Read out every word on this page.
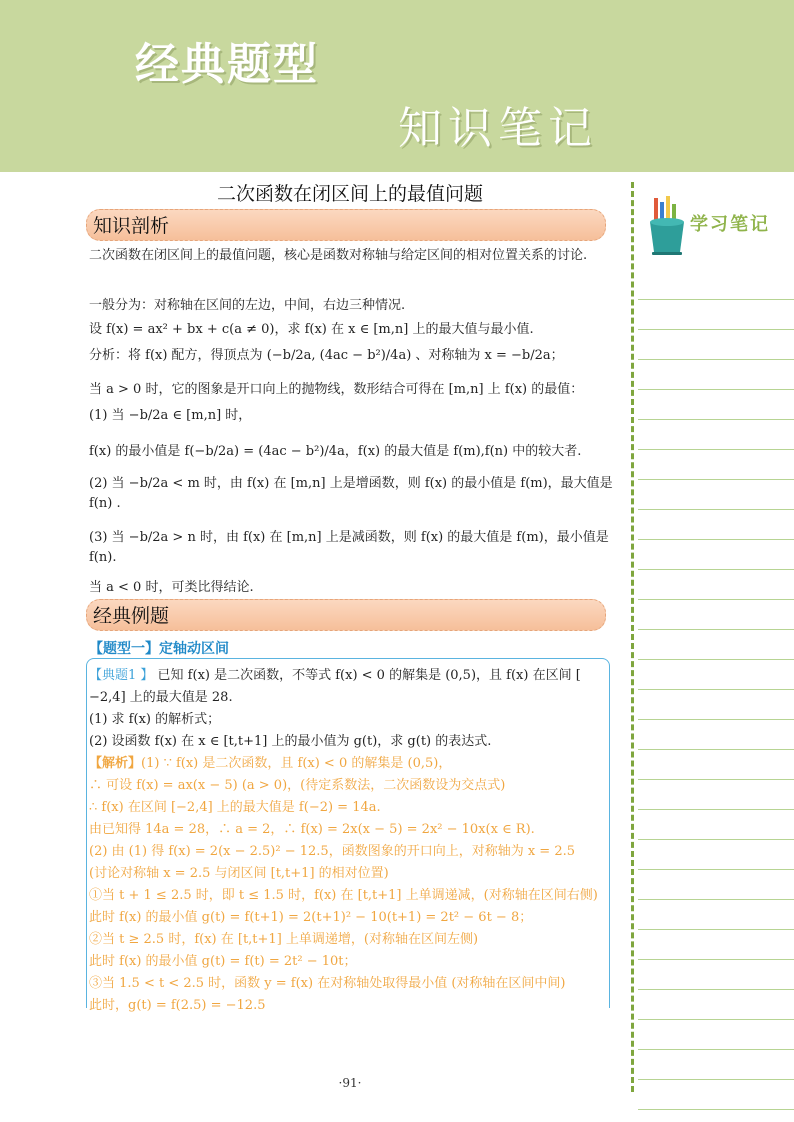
经典题型
知识笔记
二次函数在闭区间上的最值问题
知识剖析
二次函数在闭区间上的最值问题，核心是函数对称轴与给定区间的相对位置关系的讨论.
一般分为：对称轴在区间的左边，中间，右边三种情况.
设 f(x) = ax² + bx + c(a ≠ 0)，求 f(x) 在 x ∈ [m,n] 上的最大值与最小值.
分析：将 f(x) 配方，得顶点为 (−b/2a, (4ac − b²)/4a) 、对称轴为 x = −b/2a；
当 a > 0 时，它的图象是开口向上的抛物线，数形结合可得在 [m,n] 上 f(x) 的最值：
(1) 当 −b/2a ∈ [m,n] 时，
f(x) 的最小值是 f(−b/2a) = (4ac − b²)/4a，f(x) 的最大值是 f(m),f(n) 中的较大者.
(2) 当 −b/2a < m 时，由 f(x) 在 [m,n] 上是增函数，则 f(x) 的最小值是 f(m)，最大值是
f(n) .
(3) 当 −b/2a > n 时，由 f(x) 在 [m,n] 上是减函数，则 f(x) 的最大值是 f(m)，最小值是
f(n).
当 a < 0 时，可类比得结论.
经典例题
【题型一】定轴动区间
【典题1 】 已知 f(x) 是二次函数，不等式 f(x) < 0 的解集是 (0,5)，且 f(x) 在区间 [
−2,4] 上的最大值是 28.
(1) 求 f(x) 的解析式；
(2) 设函数 f(x) 在 x ∈ [t,t+1] 上的最小值为 g(t)，求 g(t) 的表达式.
【解析】(1) ∵ f(x) 是二次函数，且 f(x) < 0 的解集是 (0,5)，
∴ 可设 f(x) = ax(x − 5) (a > 0)，(待定系数法，二次函数设为交点式)
∴ f(x) 在区间 [−2,4] 上的最大值是 f(−2) = 14a.
由已知得 14a = 28，∴ a = 2，∴ f(x) = 2x(x − 5) = 2x² − 10x(x ∈ R).
(2) 由 (1) 得 f(x) = 2(x − 2.5)² − 12.5，函数图象的开口向上，对称轴为 x = 2.5
(讨论对称轴 x = 2.5 与闭区间 [t,t+1] 的相对位置)
①当 t + 1 ≤ 2.5 时，即 t ≤ 1.5 时，f(x) 在 [t,t+1] 上单调递减，(对称轴在区间右侧)
此时 f(x) 的最小值 g(t) = f(t+1) = 2(t+1)² − 10(t+1) = 2t² − 6t − 8；
②当 t ≥ 2.5 时，f(x) 在 [t,t+1] 上单调递增，(对称轴在区间左侧)
此时 f(x) 的最小值 g(t) = f(t) = 2t² − 10t；
③当 1.5 < t < 2.5 时，函数 y = f(x) 在对称轴处取得最小值 (对称轴在区间中间)
此时，g(t) = f(2.5) = −12.5
·91·
学习笔记
